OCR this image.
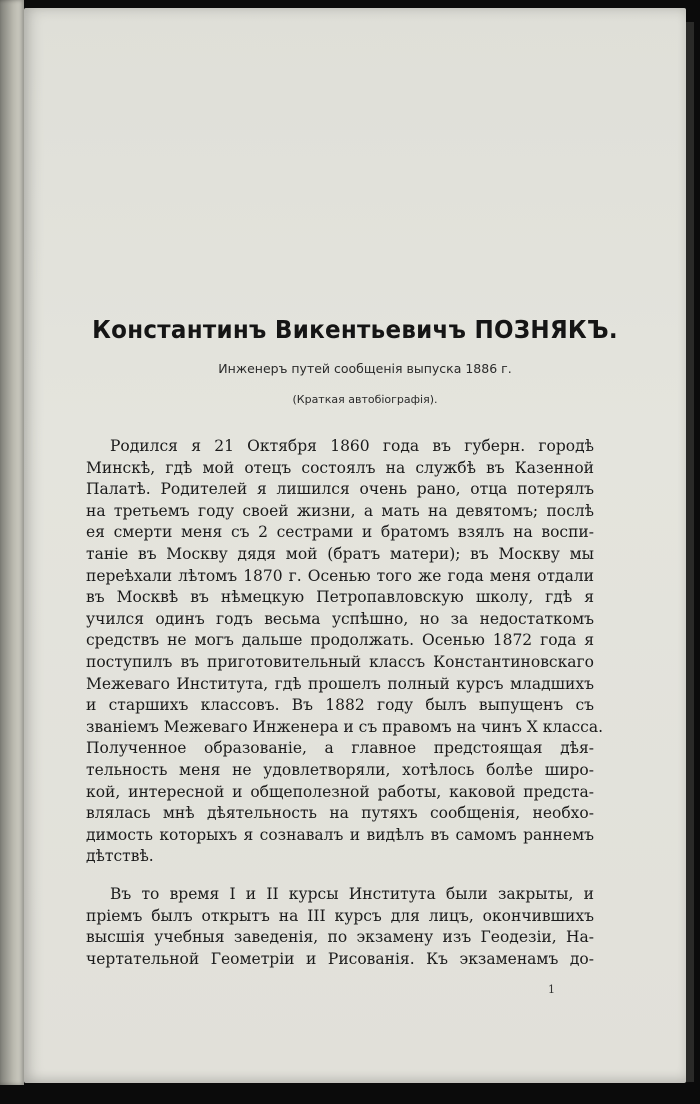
Константинъ Викентьевичъ ПОЗНЯКЪ.
Инженеръ путей сообщенія выпуска 1886 г.
(Краткая автобіографія).
Родился я 21 Октября 1860 года въ губерн. городѣ
Минскѣ, гдѣ мой отецъ состоялъ на службѣ въ Казенной
Палатѣ. Родителей я лишился очень рано, отца потерялъ
на третьемъ году своей жизни, а мать на девятомъ; послѣ
ея смерти меня съ 2 сестрами и братомъ взялъ на воспи-
таніе въ Москву дядя мой (братъ матери); въ Москву мы
переѣхали лѣтомъ 1870 г. Осенью того же года меня отдали
въ Москвѣ въ нѣмецкую Петропавловскую школу, гдѣ я
учился одинъ годъ весьма успѣшно, но за недостаткомъ
средствъ не могъ дальше продолжать. Осенью 1872 года я
поступилъ въ приготовительный классъ Константиновскаго
Межеваго Института, гдѣ прошелъ полный курсъ младшихъ
и старшихъ классовъ. Въ 1882 году былъ выпущенъ съ
званіемъ Межеваго Инженера и съ правомъ на чинъ X класса.
Полученное образованіе, а главное предстоящая дѣя-
тельность меня не удовлетворяли, хотѣлось болѣе широ-
кой, интересной и общеполезной работы, каковой предста-
влялась мнѣ дѣятельность на путяхъ сообщенія, необхо-
димость которыхъ я сознавалъ и видѣлъ въ самомъ раннемъ
дѣтствѣ.
Въ то время I и II курсы Института были закрыты, и
пріемъ былъ открытъ на III курсъ для лицъ, окончившихъ
высшія учебныя заведенія, по экзамену изъ Геодезіи, На-
чертательной Геометріи и Рисованія. Къ экзаменамъ до-
1
